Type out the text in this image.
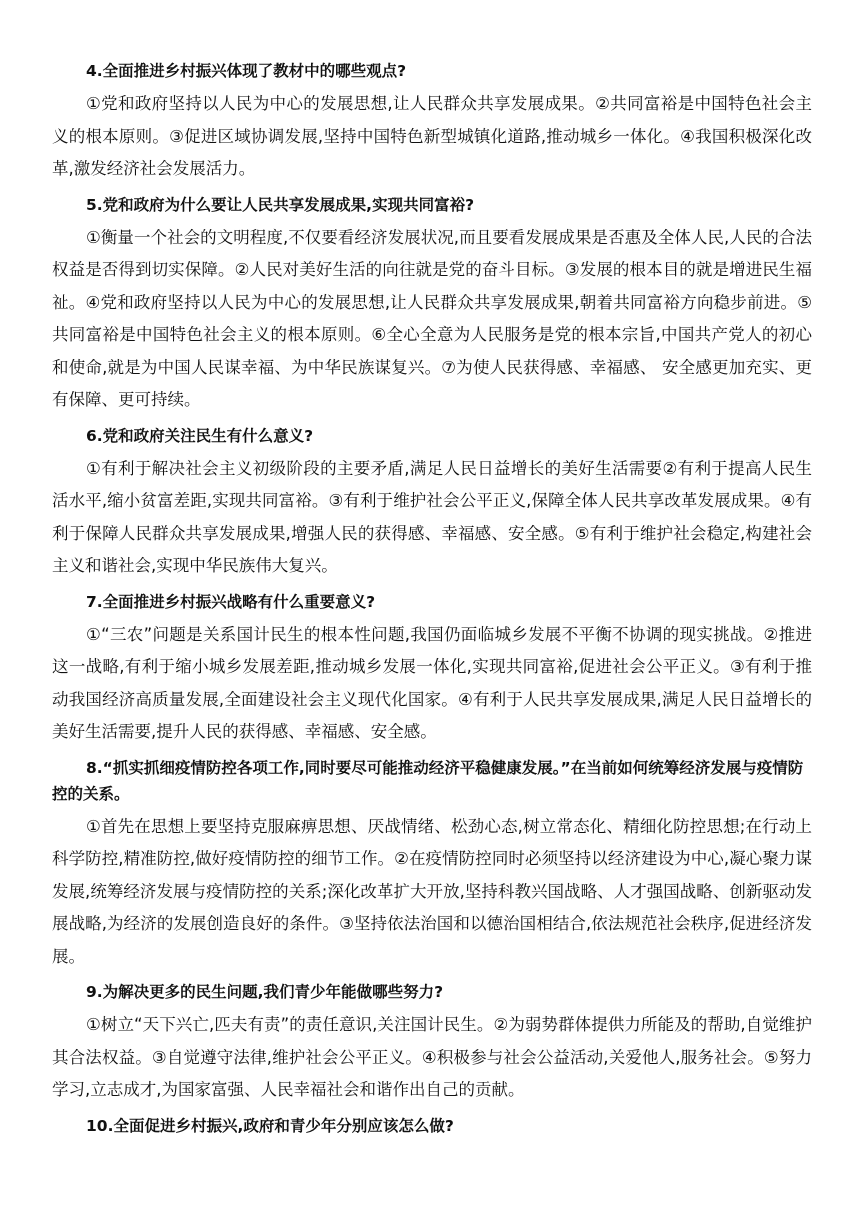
4.全面推进乡村振兴体现了教材中的哪些观点?
①党和政府坚持以人民为中心的发展思想,让人民群众共享发展成果。②共同富裕是中国特色社会主义的根本原则。③促进区域协调发展,坚持中国特色新型城镇化道路,推动城乡一体化。④我国积极深化改革,激发经济社会发展活力。
5.党和政府为什么要让人民共享发展成果,实现共同富裕?
①衡量一个社会的文明程度,不仅要看经济发展状况,而且要看发展成果是否惠及全体人民,人民的合法权益是否得到切实保障。②人民对美好生活的向往就是党的奋斗目标。③发展的根本目的就是增进民生福祉。④党和政府坚持以人民为中心的发展思想,让人民群众共享发展成果,朝着共同富裕方向稳步前进。⑤共同富裕是中国特色社会主义的根本原则。⑥全心全意为人民服务是党的根本宗旨,中国共产党人的初心和使命,就是为中国人民谋幸福、为中华民族谋复兴。⑦为使人民获得感、幸福感、 安全感更加充实、更有保障、更可持续。
6.党和政府关注民生有什么意义?
①有利于解决社会主义初级阶段的主要矛盾,满足人民日益增长的美好生活需要②有利于提高人民生活水平,缩小贫富差距,实现共同富裕。③有利于维护社会公平正义,保障全体人民共享改革发展成果。④有利于保障人民群众共享发展成果,增强人民的获得感、幸福感、安全感。⑤有利于维护社会稳定,构建社会主义和谐社会,实现中华民族伟大复兴。
7.全面推进乡村振兴战略有什么重要意义?
①“三农”问题是关系国计民生的根本性问题,我国仍面临城乡发展不平衡不协调的现实挑战。②推进这一战略,有利于缩小城乡发展差距,推动城乡发展一体化,实现共同富裕,促进社会公平正义。③有利于推动我国经济高质量发展,全面建设社会主义现代化国家。④有利于人民共享发展成果,满足人民日益增长的美好生活需要,提升人民的获得感、幸福感、安全感。
8.“抓实抓细疫情防控各项工作,同时要尽可能推动经济平稳健康发展。”在当前如何统筹经济发展与疫情防控的关系。
①首先在思想上要坚持克服麻痹思想、厌战情绪、松劲心态,树立常态化、精细化防控思想;在行动上科学防控,精准防控,做好疫情防控的细节工作。②在疫情防控同时必须坚持以经济建设为中心,凝心聚力谋发展,统筹经济发展与疫情防控的关系;深化改革扩大开放,坚持科教兴国战略、人才强国战略、创新驱动发展战略,为经济的发展创造良好的条件。③坚持依法治国和以德治国相结合,依法规范社会秩序,促进经济发展。
9.为解决更多的民生问题,我们青少年能做哪些努力?
①树立“天下兴亡,匹夫有责”的责任意识,关注国计民生。②为弱势群体提供力所能及的帮助,自觉维护其合法权益。③自觉遵守法律,维护社会公平正义。④积极参与社会公益活动,关爱他人,服务社会。⑤努力学习,立志成才,为国家富强、人民幸福社会和谐作出自己的贡献。
10.全面促进乡村振兴,政府和青少年分别应该怎么做?
